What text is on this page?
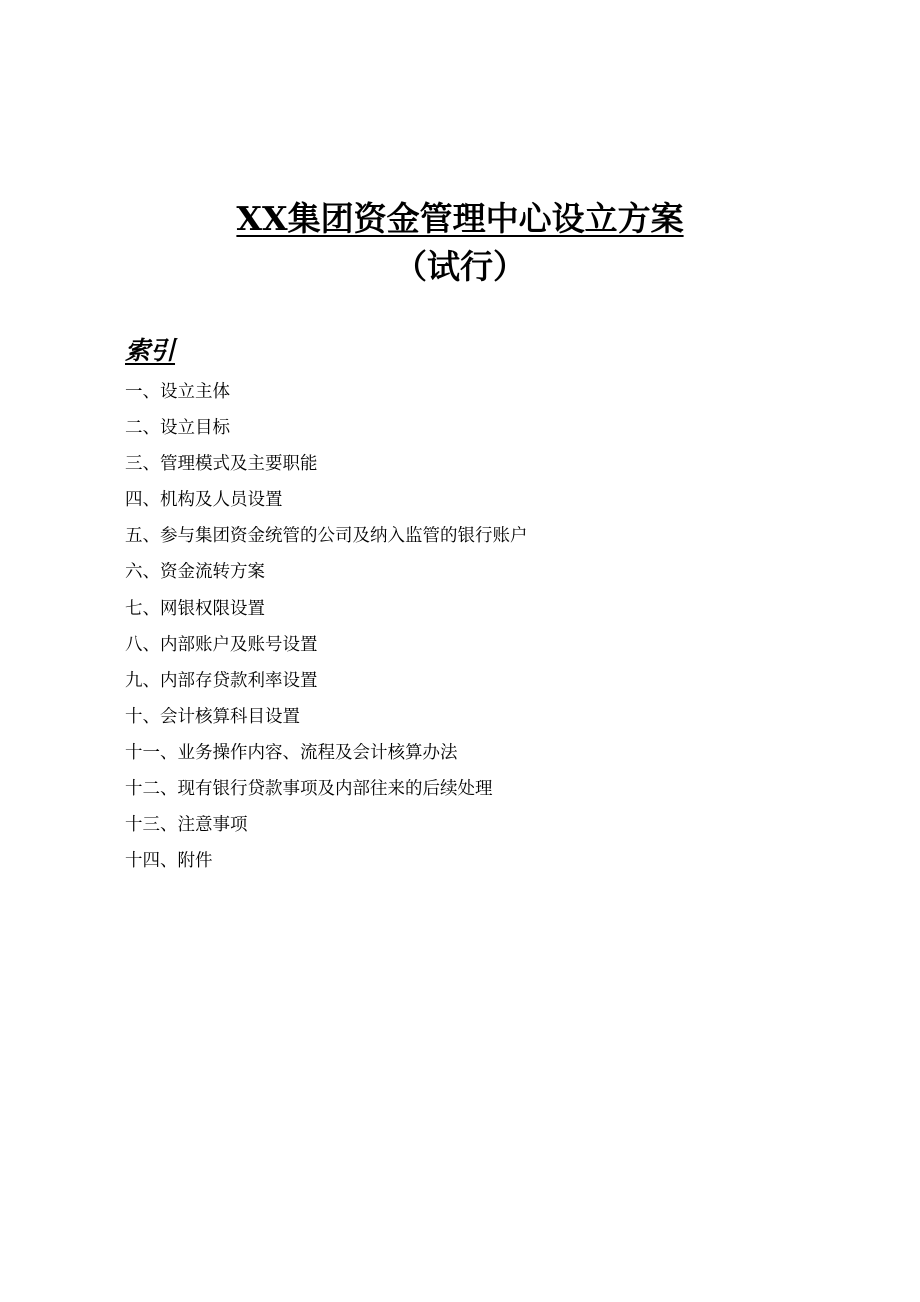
XX集团资金管理中心设立方案
（试行）
索引
一、设立主体
二、设立目标
三、管理模式及主要职能
四、机构及人员设置
五、参与集团资金统管的公司及纳入监管的银行账户
六、资金流转方案
七、网银权限设置
八、内部账户及账号设置
九、内部存贷款利率设置
十、会计核算科目设置
十一、业务操作内容、流程及会计核算办法
十二、现有银行贷款事项及内部往来的后续处理
十三、注意事项
十四、附件
